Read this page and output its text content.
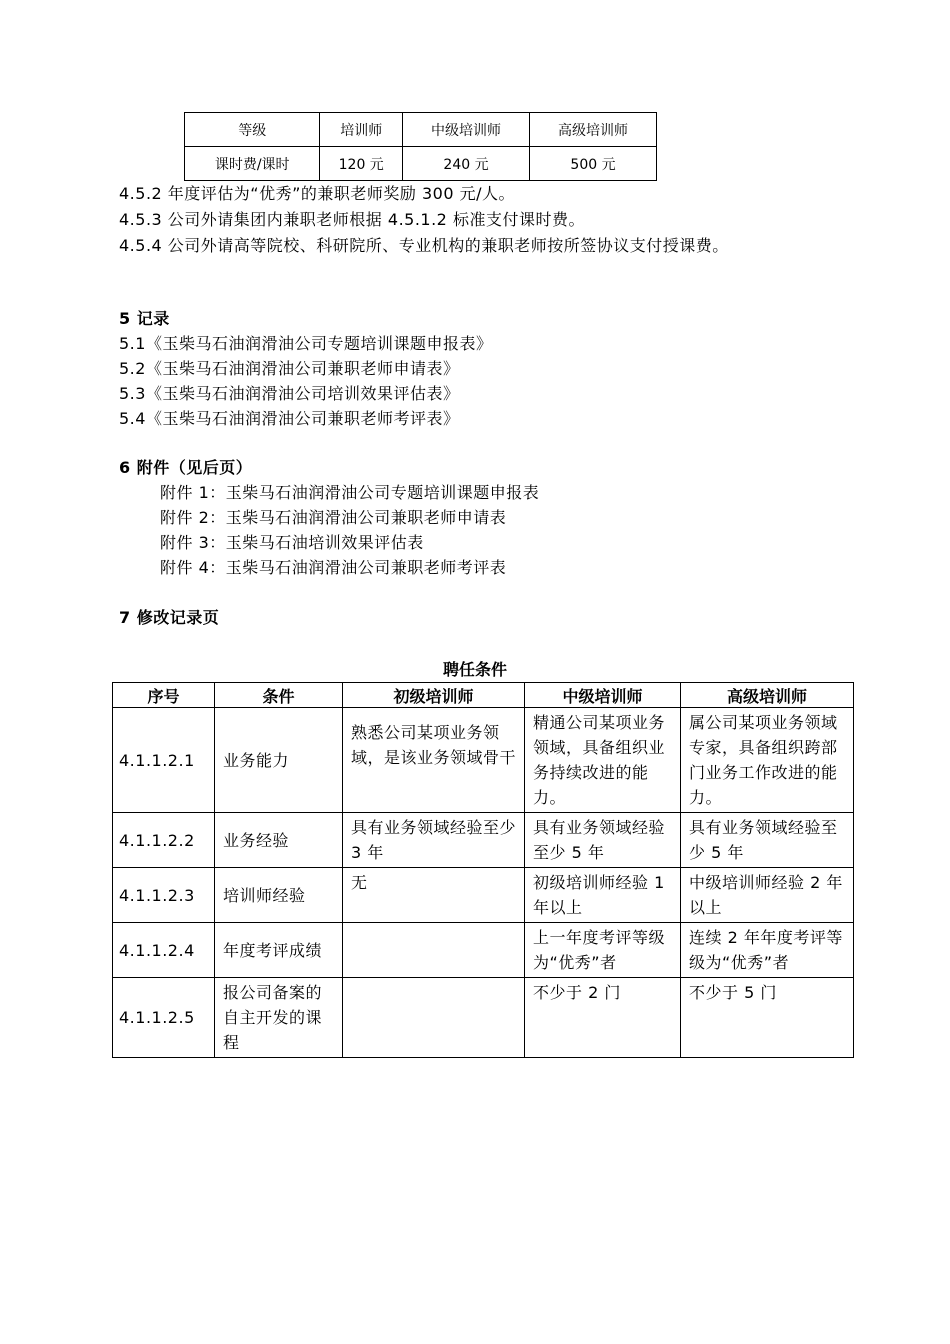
等级	培训师	中级培训师	高级培训师
课时费/课时	120 元	240 元	500 元
4.5.2 年度评估为“优秀”的兼职老师奖励 300 元/人。
4.5.3 公司外请集团内兼职老师根据 4.5.1.2 标准支付课时费。
4.5.4 公司外请高等院校、科研院所、专业机构的兼职老师按所签协议支付授课费。
5 记录
5.1《玉柴马石油润滑油公司专题培训课题申报表》
5.2《玉柴马石油润滑油公司兼职老师申请表》
5.3《玉柴马石油润滑油公司培训效果评估表》
5.4《玉柴马石油润滑油公司兼职老师考评表》
6 附件（见后页）
附件 1：玉柴马石油润滑油公司专题培训课题申报表
附件 2：玉柴马石油润滑油公司兼职老师申请表
附件 3：玉柴马石油培训效果评估表
附件 4：玉柴马石油润滑油公司兼职老师考评表
7 修改记录页
聘任条件
序号	条件	初级培训师	中级培训师	高级培训师
4.1.1.2.1	业务能力	熟悉公司某项业务领域，是该业务领域骨干	精通公司某项业务领域，具备组织业务持续改进的能力。	属公司某项业务领域专家，具备组织跨部门业务工作改进的能力。
4.1.1.2.2	业务经验	具有业务领域经验至少 3 年	具有业务领域经验至少 5 年	具有业务领域经验至少 5 年
4.1.1.2.3	培训师经验	无	初级培训师经验 1 年以上	中级培训师经验 2 年以上
4.1.1.2.4	年度考评成绩		上一年度考评等级为“优秀”者	连续 2 年年度考评等级为“优秀”者
4.1.1.2.5	报公司备案的自主开发的课程		不少于 2 门	不少于 5 门
